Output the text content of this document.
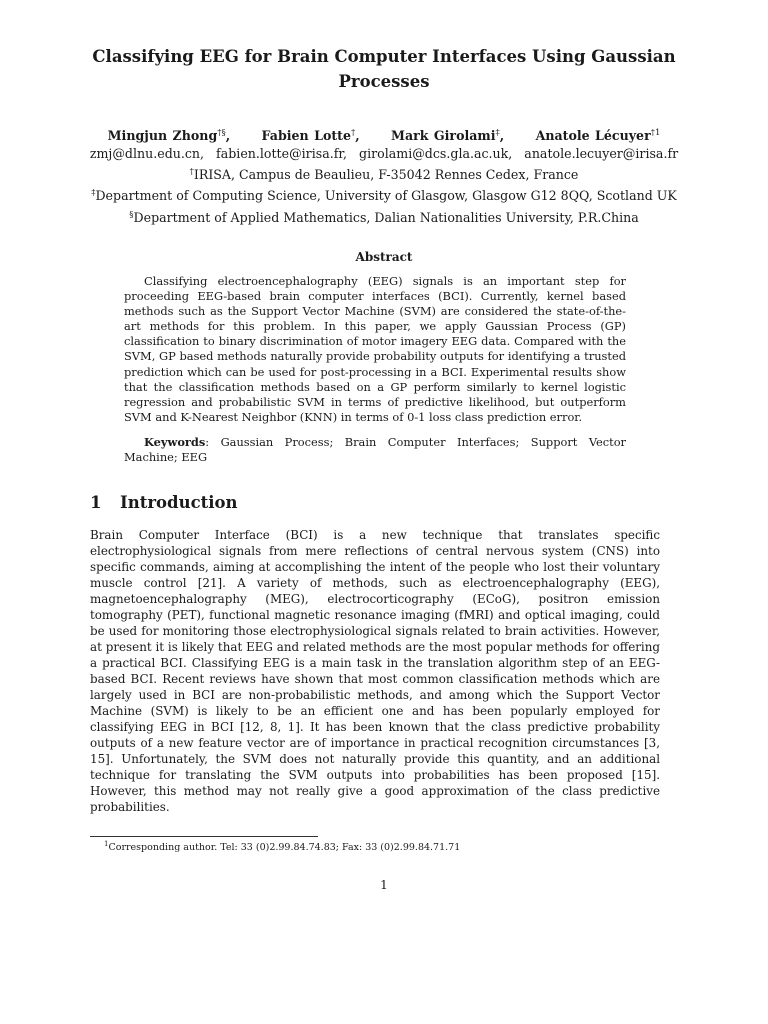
Classifying EEG for Brain Computer Interfaces Using Gaussian Processes
Mingjun Zhong†§, Fabien Lotte†, Mark Girolami‡, Anatole Lécuyer$^{\dagger 1}$
zmj@dlnu.edu.cn,   fabien.lotte@irisa.fr,   girolami@dcs.gla.ac.uk,   anatole.lecuyer@irisa.fr
†IRISA, Campus de Beaulieu, F-35042 Rennes Cedex, France
‡Department of Computing Science, University of Glasgow, Glasgow G12 8QQ, Scotland UK
§Department of Applied Mathematics, Dalian Nationalities University, P.R.China
Abstract

Classifying electroencephalography (EEG) signals is an important step for proceeding EEG-based brain computer interfaces (BCI). Currently, kernel based methods such as the Support Vector Machine (SVM) are considered the state-of-the-art methods for this problem. In this paper, we apply Gaussian Process (GP) classification to binary discrimination of motor imagery EEG data. Compared with the SVM, GP based methods naturally provide probability outputs for identifying a trusted prediction which can be used for post-processing in a BCI. Experimental results show that the classification methods based on a GP perform similarly to kernel logistic regression and probabilistic SVM in terms of predictive likelihood, but outperform SVM and K-Nearest Neighbor (KNN) in terms of 0-1 loss class prediction error.

Keywords: Gaussian Process; Brain Computer Interfaces; Support Vector Machine; EEG

1 Introduction

Brain Computer Interface (BCI) is a new technique that translates specific electrophysiological signals from mere reflections of central nervous system (CNS) into specific commands, aiming at accomplishing the intent of the people who lost their voluntary muscle control [21]. A variety of methods, such as electroencephalography (EEG), magnetoencephalography (MEG), electrocorticography (ECoG), positron emission tomography (PET), functional magnetic resonance imaging (fMRI) and optical imaging, could be used for monitoring those electrophysiological signals related to brain activities. However, at present it is likely that EEG and related methods are the most popular methods for offering a practical BCI. Classifying EEG is a main task in the translation algorithm step of an EEG-based BCI. Recent reviews have shown that most common classification methods which are largely used in BCI are non-probabilistic methods, and among which the Support Vector Machine (SVM) is likely to be an efficient one and has been popularly employed for classifying EEG in BCI [12, 8, 1]. It has been known that the class predictive probability outputs of a new feature vector are of importance in practical recognition circumstances [3, 15]. Unfortunately, the SVM does not naturally provide this quantity, and an additional technique for translating the SVM outputs into probabilities has been proposed [15]. However, this method may not really give a good approximation of the class predictive probabilities.

$^1$Corresponding author. Tel: 33 (0)2.99.84.74.83; Fax: 33 (0)2.99.84.71.71
1
